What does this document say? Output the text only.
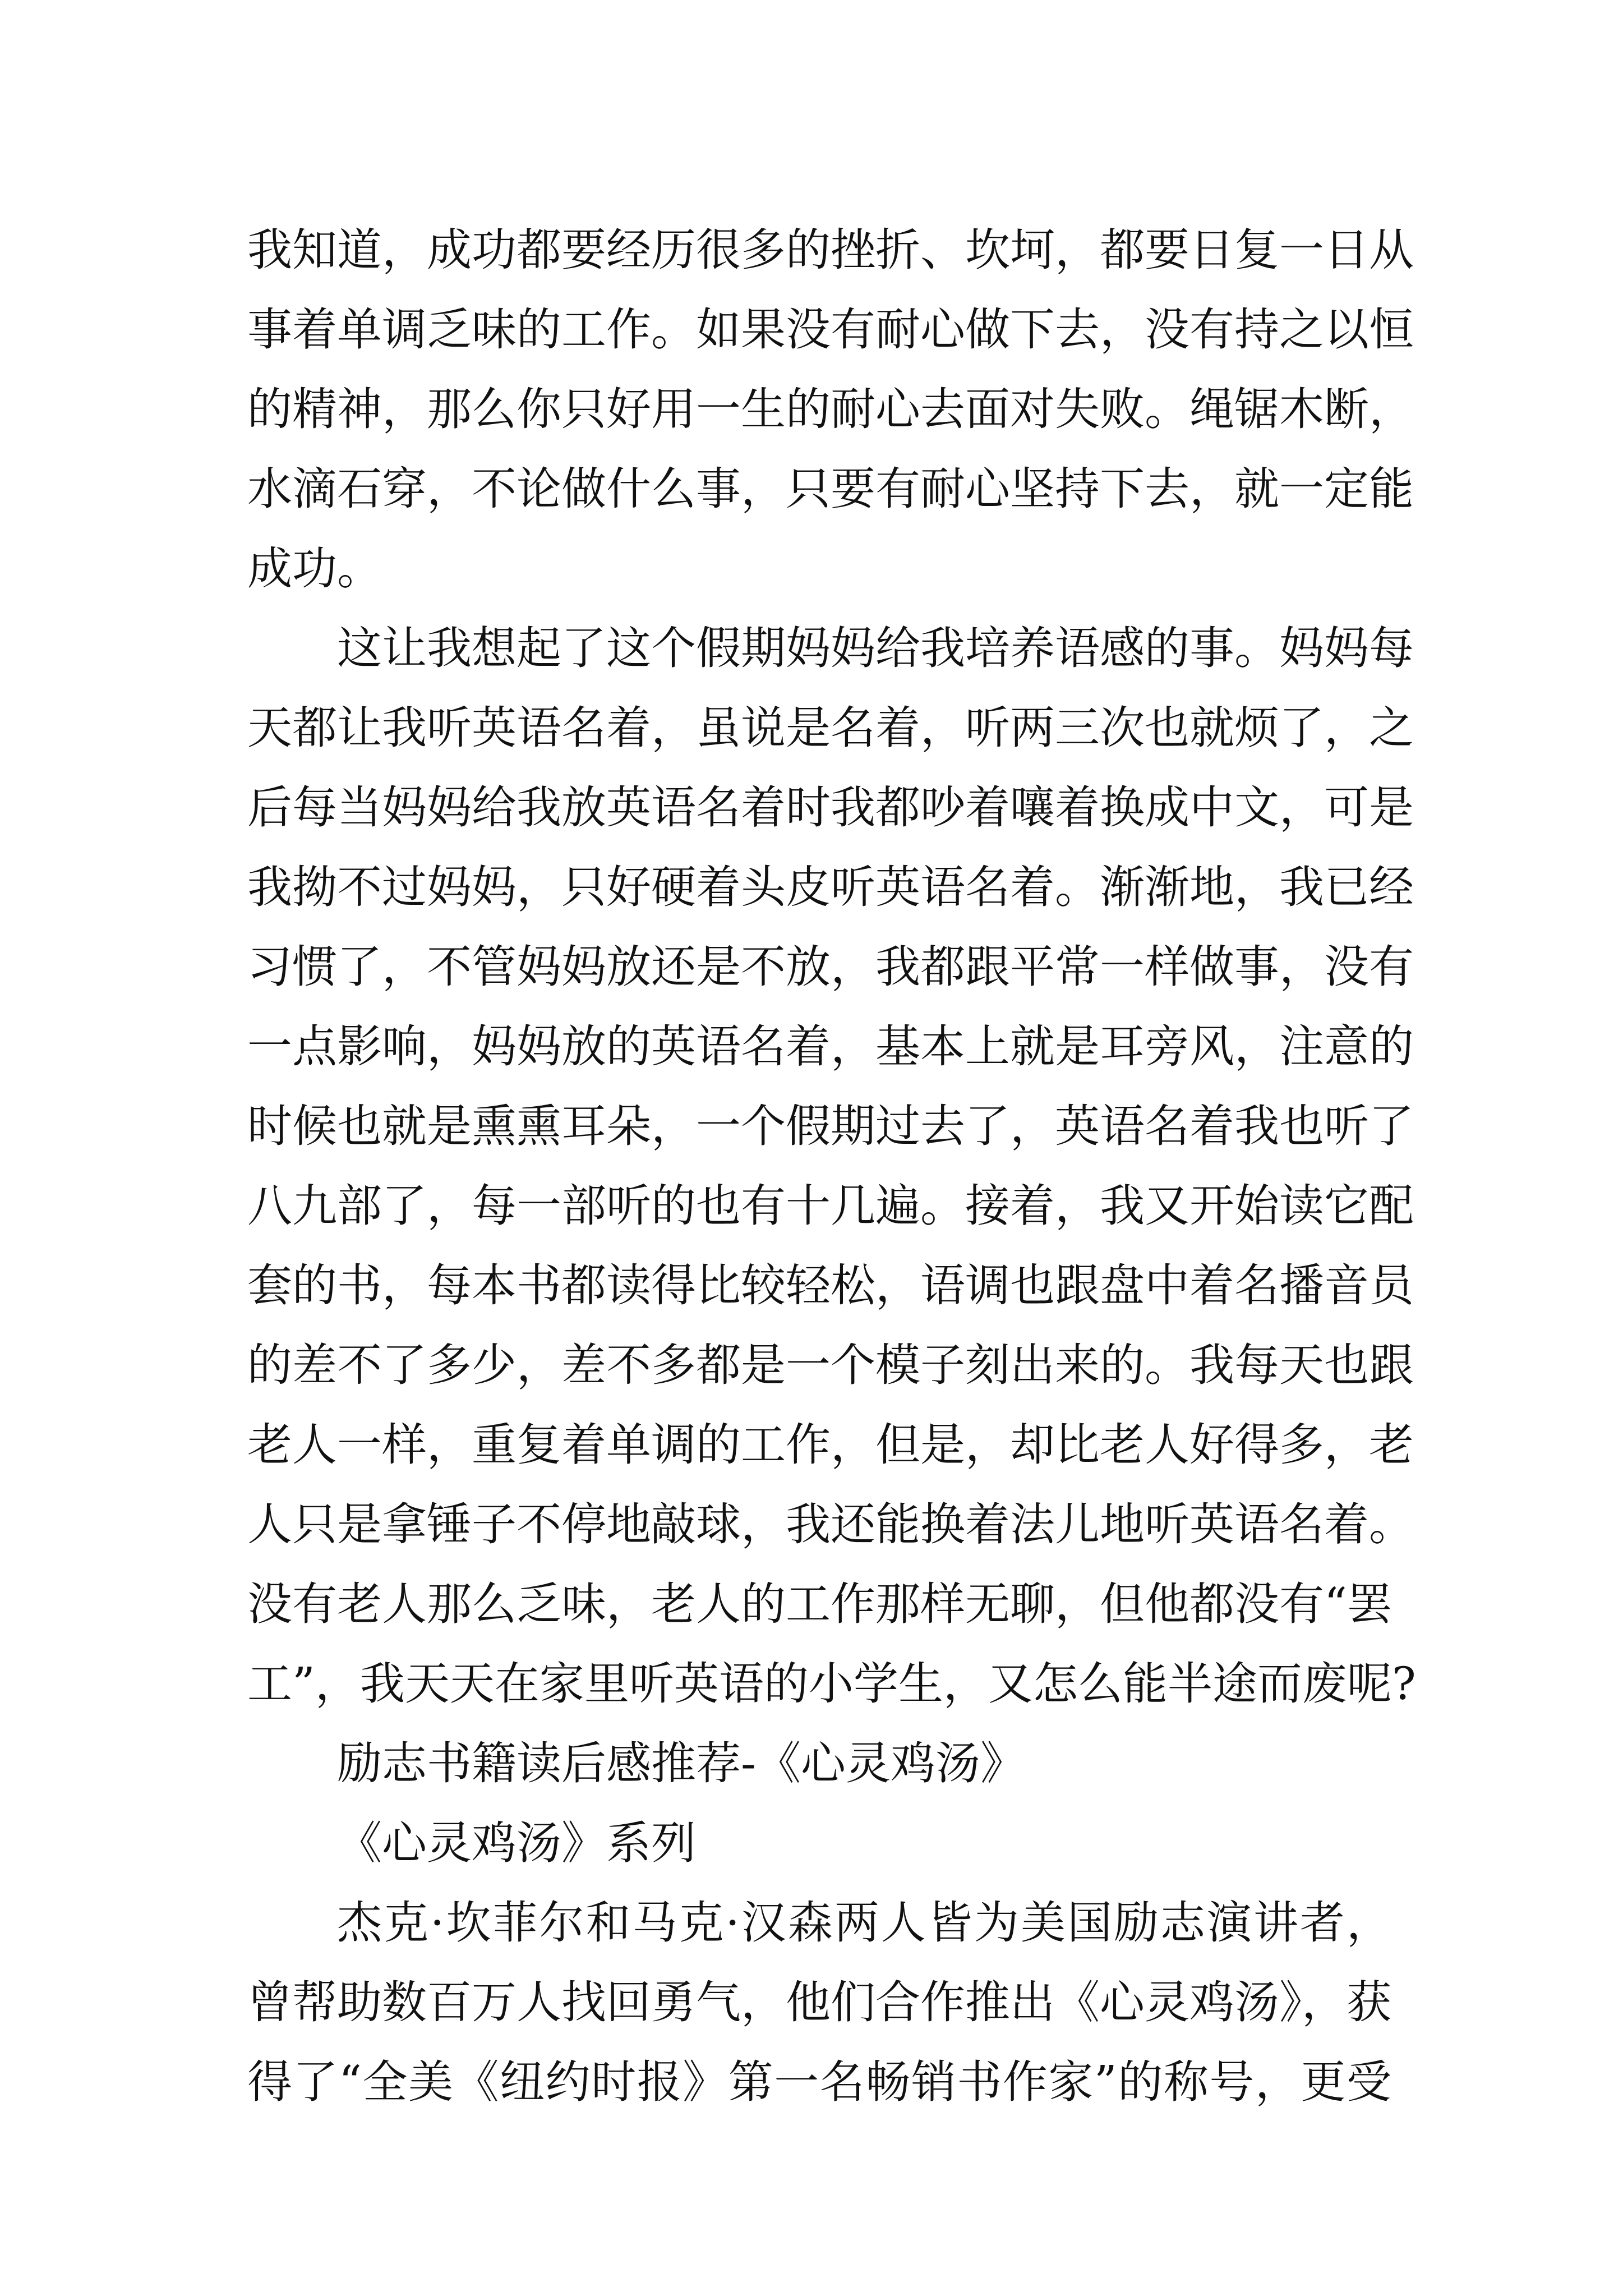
我知道，成功都要经历很多的挫折、坎坷，都要日复一日从
事着单调乏味的工作。如果没有耐心做下去，没有持之以恒
的精神，那么你只好用一生的耐心去面对失败。绳锯木断，
水滴石穿，不论做什么事，只要有耐心坚持下去，就一定能
成功。
这让我想起了这个假期妈妈给我培养语感的事。妈妈每
天都让我听英语名着，虽说是名着，听两三次也就烦了，之
后每当妈妈给我放英语名着时我都吵着嚷着换成中文，可是
我拗不过妈妈，只好硬着头皮听英语名着。渐渐地，我已经
习惯了，不管妈妈放还是不放，我都跟平常一样做事，没有
一点影响，妈妈放的英语名着，基本上就是耳旁风，注意的
时候也就是熏熏耳朵，一个假期过去了，英语名着我也听了
八九部了，每一部听的也有十几遍。接着，我又开始读它配
套的书，每本书都读得比较轻松，语调也跟盘中着名播音员
的差不了多少，差不多都是一个模子刻出来的。我每天也跟
老人一样，重复着单调的工作，但是，却比老人好得多，老
人只是拿锤子不停地敲球，我还能换着法儿地听英语名着。
没有老人那么乏味，老人的工作那样无聊，但他都没有“罢
工”，我天天在家里听英语的小学生，又怎么能半途而废呢?
励志书籍读后感推荐-《心灵鸡汤》
《心灵鸡汤》系列
杰克·坎菲尔和马克·汉森两人皆为美国励志演讲者，
曾帮助数百万人找回勇气，他们合作推出《心灵鸡汤》，获
得了“全美《纽约时报》第一名畅销书作家”的称号，更受
